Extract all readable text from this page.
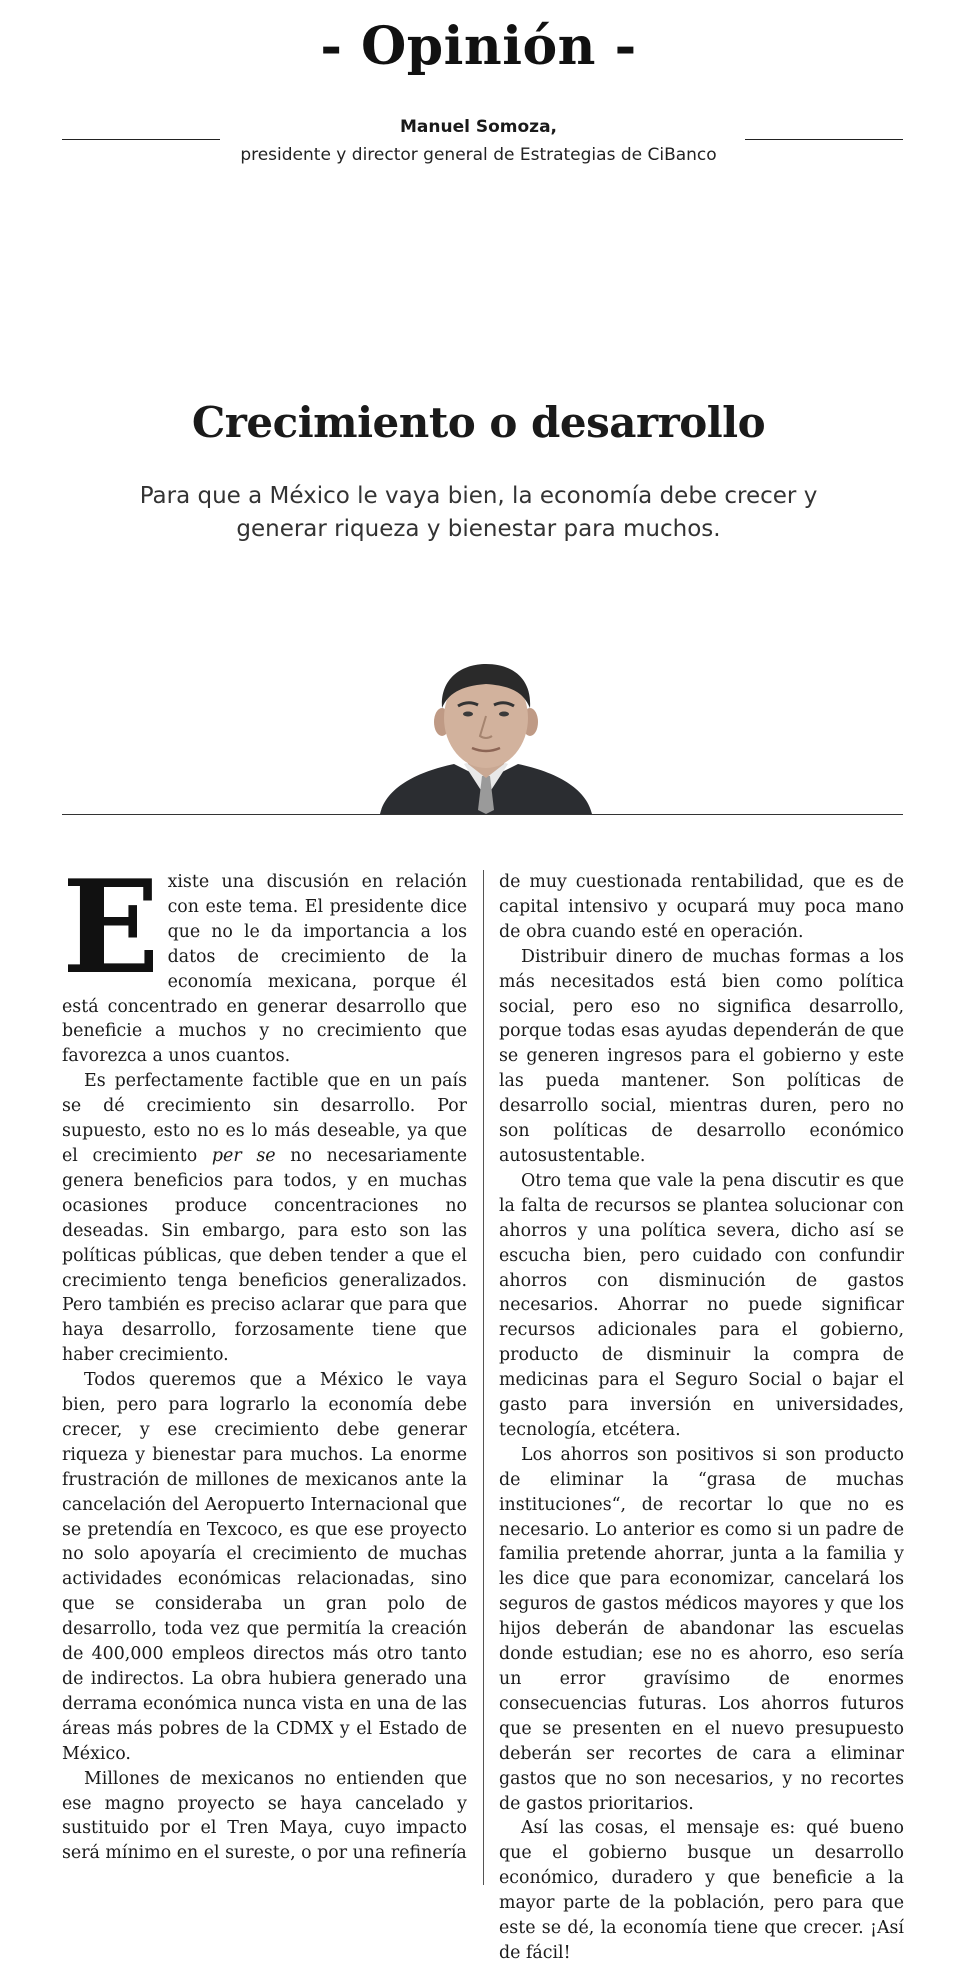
- Opinión -
Manuel Somoza,
presidente y director general de Estrategias de CiBanco
Crecimiento o desarrollo
Para que a México le vaya bien, la economía debe crecer y generar riqueza y bienestar para muchos.

Existe una discusión en relación con este tema. El presidente dice que no le da importancia a los datos de crecimiento de la economía mexicana, porque él está concentrado en generar desarrollo que beneficie a muchos y no crecimiento que favorezca a unos cuantos.

Es perfectamente factible que en un país se dé crecimiento sin desarrollo. Por supuesto, esto no es lo más deseable, ya que el crecimiento per se no necesariamente genera beneficios para todos, y en muchas ocasiones produce concentraciones no deseadas. Sin embargo, para esto son las políticas públicas, que deben tender a que el crecimiento tenga beneficios generalizados. Pero también es preciso aclarar que para que haya desarrollo, forzosamente tiene que haber crecimiento.

Todos queremos que a México le vaya bien, pero para lograrlo la economía debe crecer, y ese crecimiento debe generar riqueza y bienestar para muchos. La enorme frustración de millones de mexicanos ante la cancelación del Aeropuerto Internacional que se pretendía en Texcoco, es que ese proyecto no solo apoyaría el crecimiento de muchas actividades económicas relacionadas, sino que se consideraba un gran polo de desarrollo, toda vez que permitía la creación de 400,000 empleos directos más otro tanto de indirectos. La obra hubiera generado una derrama económica nunca vista en una de las áreas más pobres de la CDMX y el Estado de México.

Millones de mexicanos no entienden que ese magno proyecto se haya cancelado y sustituido por el Tren Maya, cuyo impacto será mínimo en el sureste, o por una refinería

de muy cuestionada rentabilidad, que es de capital intensivo y ocupará muy poca mano de obra cuando esté en operación.

Distribuir dinero de muchas formas a los más necesitados está bien como política social, pero eso no significa desarrollo, porque todas esas ayudas dependerán de que se generen ingresos para el gobierno y este las pueda mantener. Son políticas de desarrollo social, mientras duren, pero no son políticas de desarrollo económico autosustentable.

Otro tema que vale la pena discutir es que la falta de recursos se plantea solucionar con ahorros y una política severa, dicho así se escucha bien, pero cuidado con confundir ahorros con disminución de gastos necesarios. Ahorrar no puede significar recursos adicionales para el gobierno, producto de disminuir la compra de medicinas para el Seguro Social o bajar el gasto para inversión en universidades, tecnología, etcétera.

Los ahorros son positivos si son producto de eliminar la “grasa de muchas instituciones“, de recortar lo que no es necesario. Lo anterior es como si un padre de familia pretende ahorrar, junta a la familia y les dice que para economizar, cancelará los seguros de gastos médicos mayores y que los hijos deberán de abandonar las escuelas donde estudian; ese no es ahorro, eso sería un error gravísimo de enormes consecuencias futuras. Los ahorros futuros que se presenten en el nuevo presupuesto deberán ser recortes de cara a eliminar gastos que no son necesarios, y no recortes de gastos prioritarios.

Así las cosas, el mensaje es: qué bueno que el gobierno busque un desarrollo económico, duradero y que beneficie a la mayor parte de la población, pero para que este se dé, la economía tiene que crecer. ¡Así de fácil!
